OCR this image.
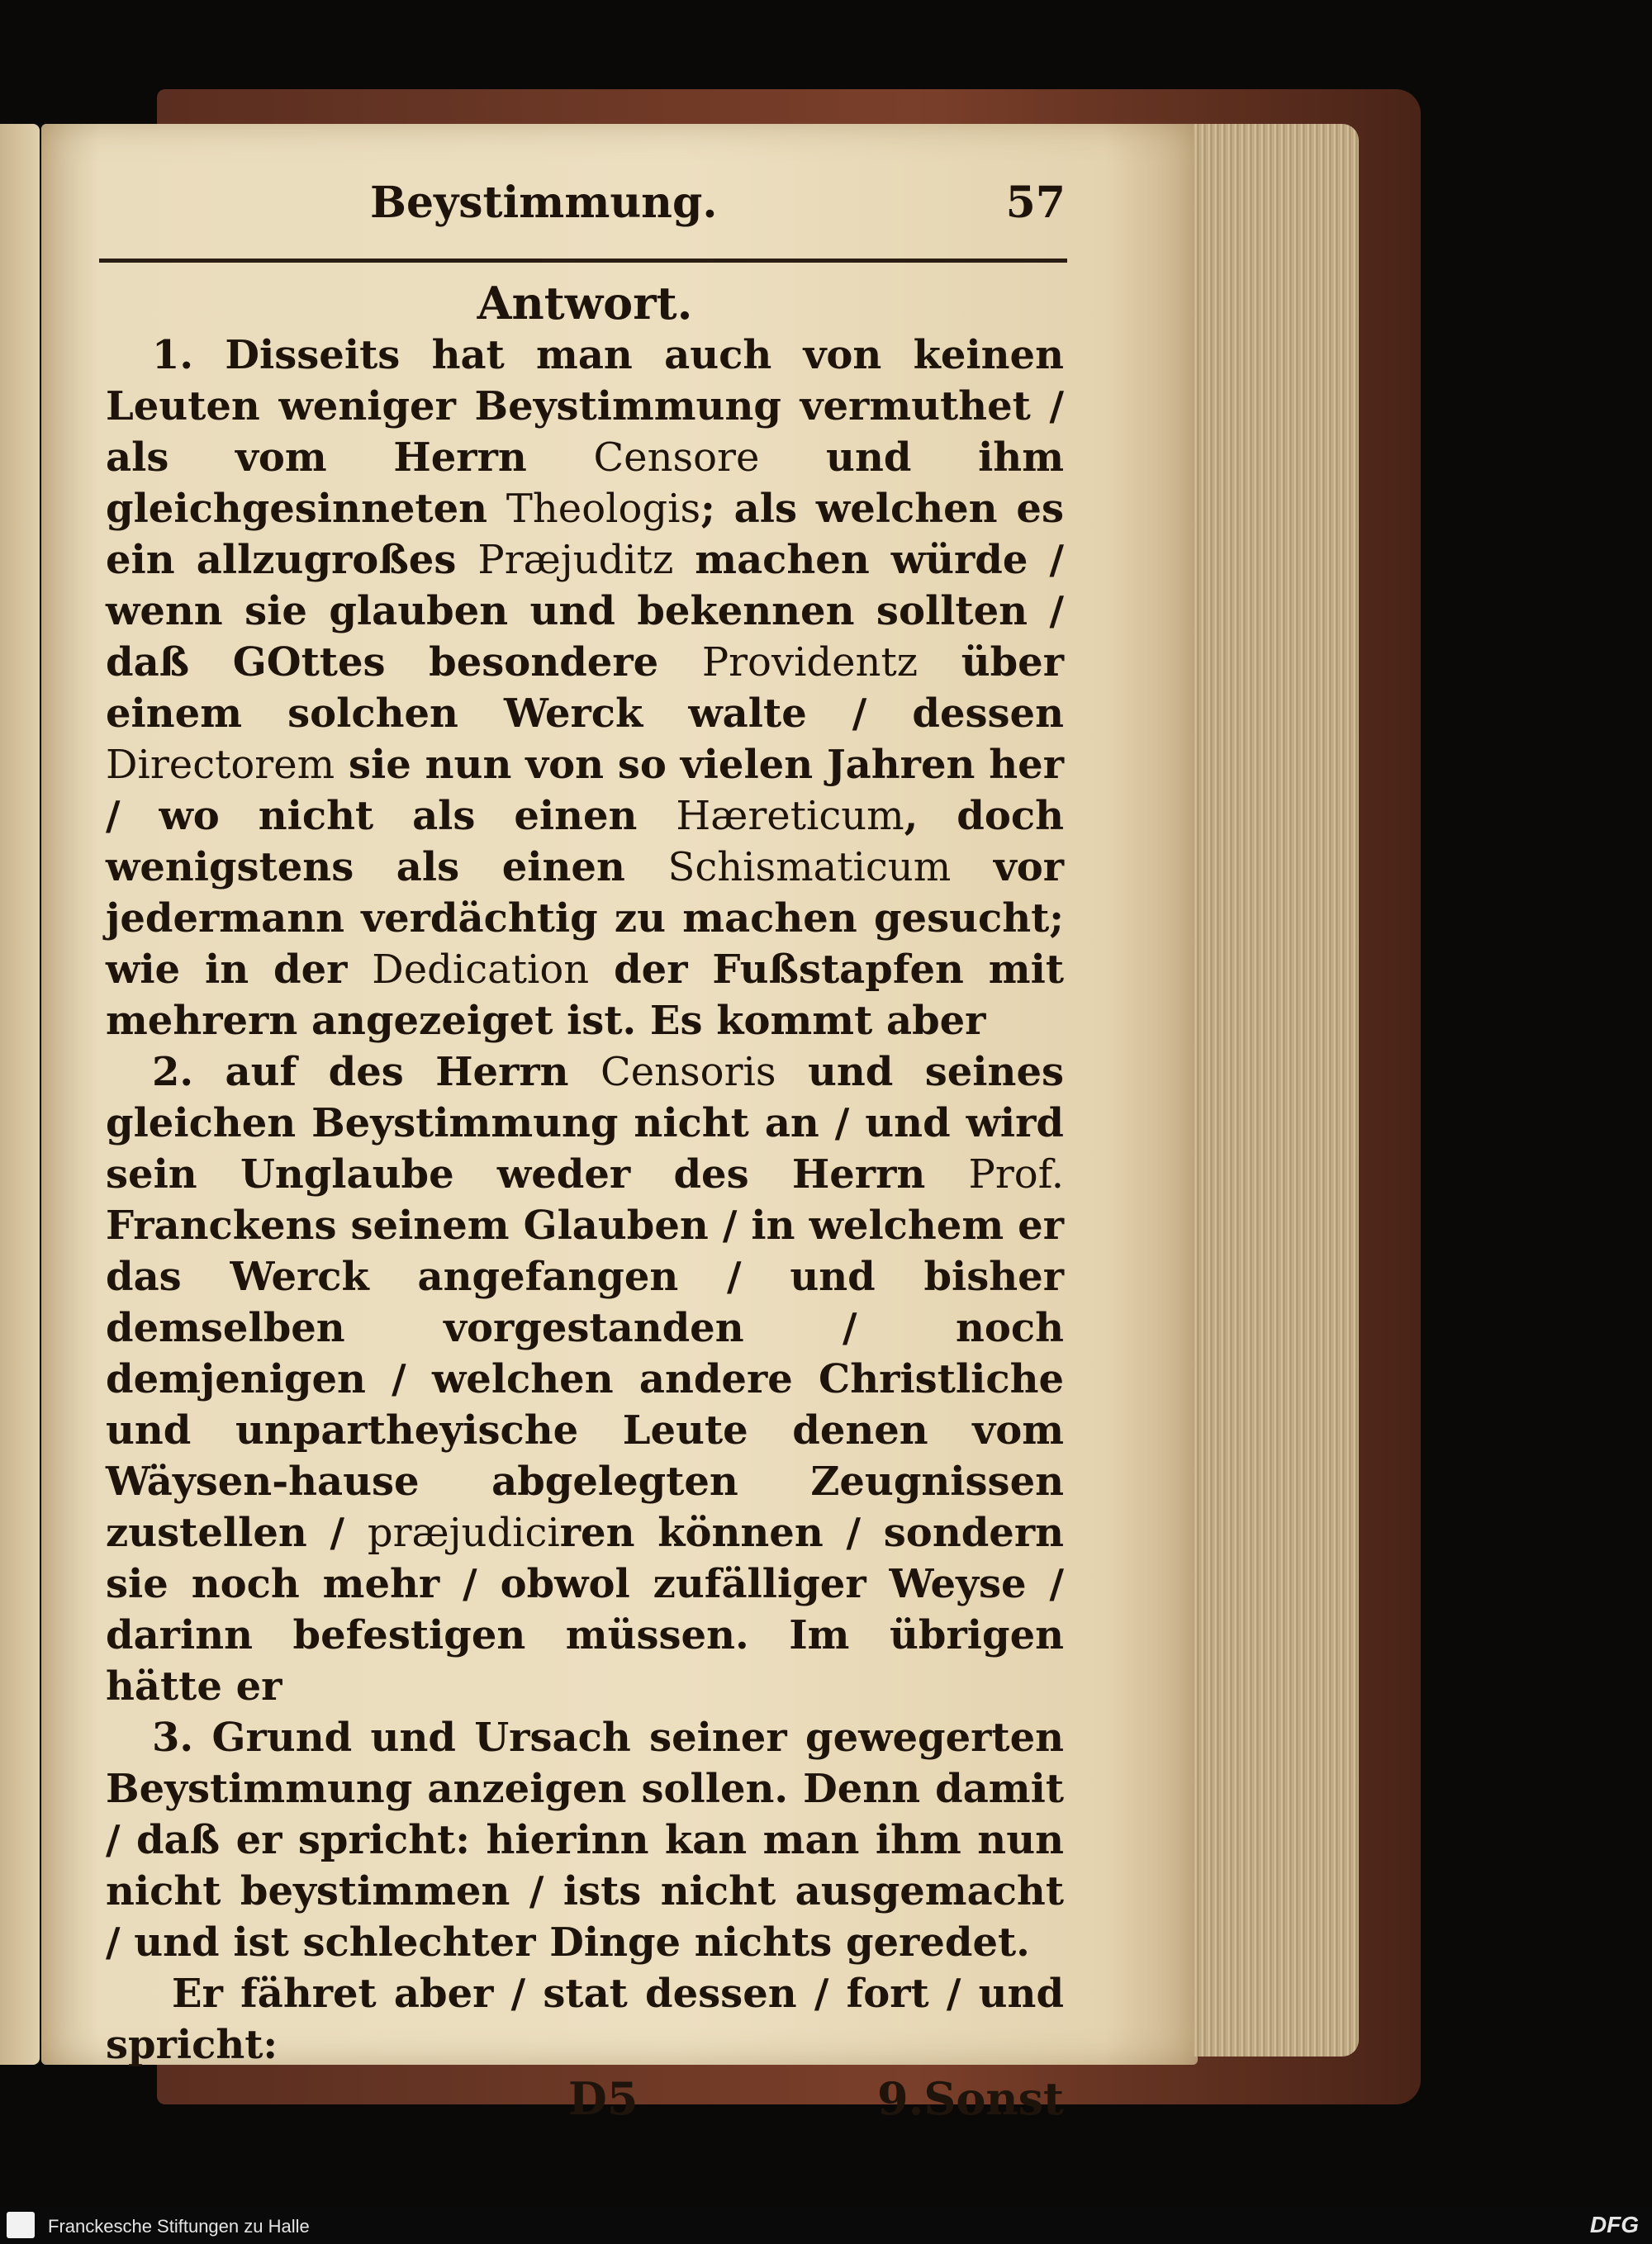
Beystimmung.	57
Antwort.

1. Disseits hat man auch von keinen Leuten weniger Beystimmung vermuthet / als vom Herrn Censore und ihm gleichgesinneten Theologis; als welchen es ein allzugroßes Præjuditz machen würde / wenn sie glauben und bekennen sollten / daß GOttes besondere Providentz über einem solchen Werck walte / dessen Directorem sie nun von so vielen Jahren her / wo nicht als einen Hæreticum, doch wenigstens als einen Schismaticum vor jedermann verdächtig zu machen gesucht; wie in der Dedication der Fußstapfen mit mehrern angezeiget ist. Es kommt aber

2. auf des Herrn Censoris und seines gleichen Beystimmung nicht an / und wird sein Unglaube weder des Herrn Prof. Franckens seinem Glauben / in welchem er das Werck angefangen / und bisher demselben vorgestanden / noch demjenigen / welchen andere Christliche und unpartheyische Leute denen vom Wäysen-hause abgelegten Zeugnissen zustellen / præjudiciren können / sondern sie noch mehr / obwol zufälliger Weyse / darinn befestigen müssen. Im übrigen hätte er

3. Grund und Ursach seiner gewegerten Beystimmung anzeigen sollen. Denn damit / daß er spricht: hierinn kan man ihm nun nicht beystimmen / ists nicht ausgemacht / und ist schlechter Dinge nichts geredet.

Er fähret aber / stat dessen / fort / und spricht:

D5	9.Sonst
Franckesche Stiftungen zu Halle	DFG
